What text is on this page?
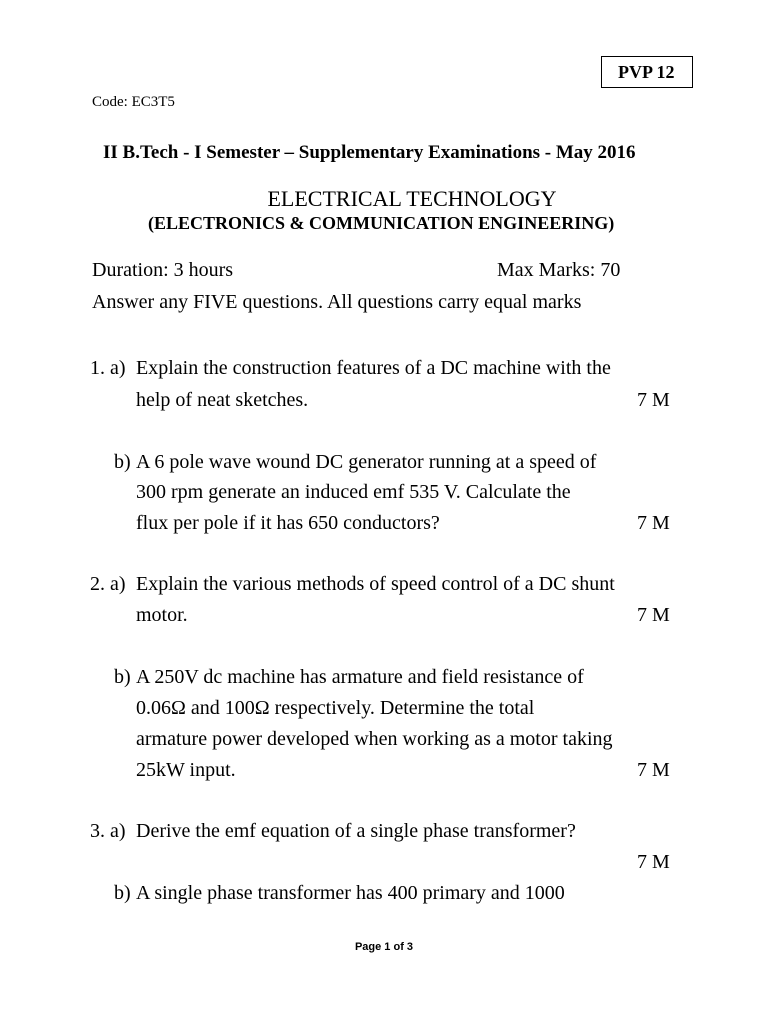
PVP 12
Code: EC3T5
II B.Tech - I Semester – Supplementary Examinations - May 2016
ELECTRICAL TECHNOLOGY
(ELECTRONICS & COMMUNICATION ENGINEERING)
Duration: 3 hours	Max Marks: 70
Answer any FIVE questions. All questions carry equal marks
1. a) Explain the construction features of a DC machine with the
help of neat sketches.	7 M
b) A 6 pole wave wound DC generator running at a speed of
300 rpm generate an induced emf 535 V. Calculate the
flux per pole if it has 650 conductors?	7 M
2. a) Explain the various methods of speed control of a DC shunt
motor.	7 M
b) A 250V dc machine has armature and field resistance of
0.06Ω and 100Ω respectively. Determine the total
armature power developed when working as a motor taking
25kW input.	7 M
3. a) Derive the emf equation of a single phase transformer?
7 M
b) A single phase transformer has 400 primary and 1000
Page 1 of 3
